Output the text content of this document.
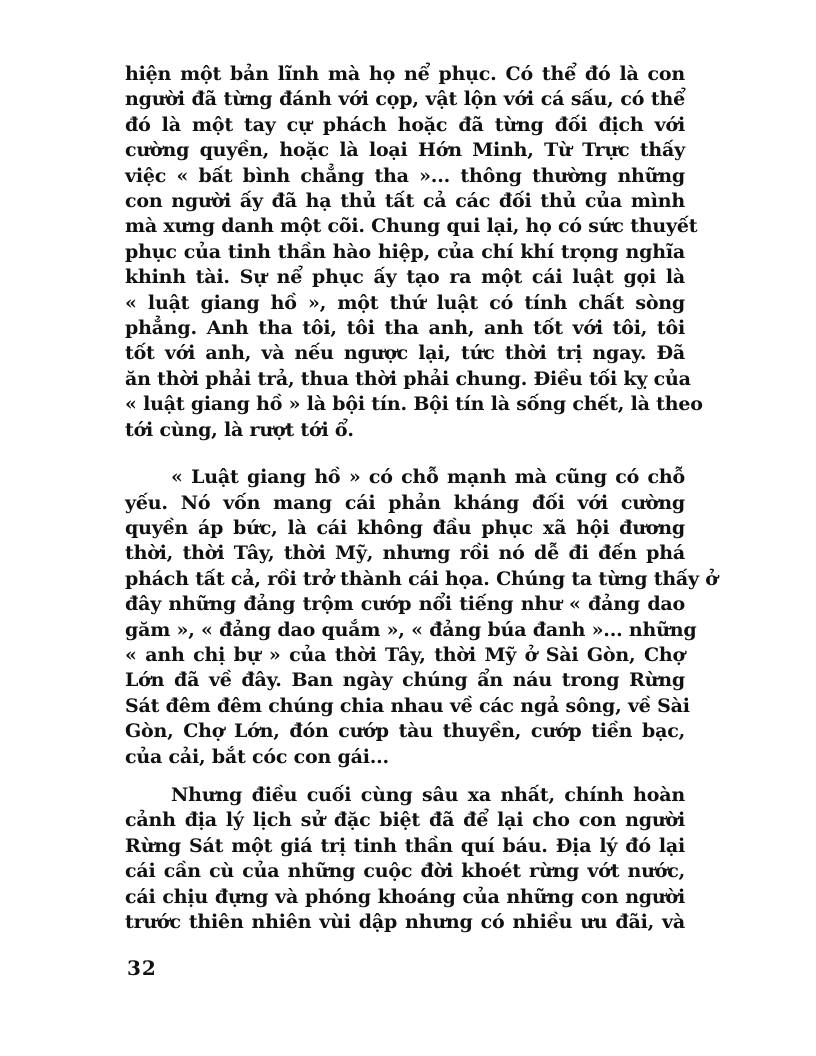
hiện một bản lĩnh mà họ nể phục. Có thể đó là con
người đã từng đánh với cọp, vật lộn với cá sấu, có thể
đó là một tay cự phách hoặc đã từng đối địch với
cường quyền, hoặc là loại Hớn Minh, Từ Trực thấy
việc « bất bình chẳng tha »... thông thường những
con người ấy đã hạ thủ tất cả các đối thủ của mình
mà xưng danh một cõi. Chung qui lại, họ có sức thuyết
phục của tinh thần hào hiệp, của chí khí trọng nghĩa
khinh tài. Sự nể phục ấy tạo ra một cái luật gọi là
« luật giang hồ », một thứ luật có tính chất sòng
phẳng. Anh tha tôi, tôi tha anh, anh tốt với tôi, tôi
tốt với anh, và nếu ngược lại, tức thời trị ngay. Đã
ăn thời phải trả, thua thời phải chung. Điều tối kỵ của
« luật giang hồ » là bội tín. Bội tín là sống chết, là theo
tới cùng, là rượt tới ổ.
« Luật giang hồ » có chỗ mạnh mà cũng có chỗ
yếu. Nó vốn mang cái phản kháng đối với cường
quyền áp bức, là cái không đầu phục xã hội đương
thời, thời Tây, thời Mỹ, nhưng rồi nó dễ đi đến phá
phách tất cả, rồi trở thành cái họa. Chúng ta từng thấy ở
đây những đảng trộm cướp nổi tiếng như « đảng dao
găm », « đảng dao quắm », « đảng búa đanh »... những
« anh chị bự » của thời Tây, thời Mỹ ở Sài Gòn, Chợ
Lớn đã về đây. Ban ngày chúng ẩn náu trong Rừng
Sát đêm đêm chúng chia nhau về các ngả sông, về Sài
Gòn, Chợ Lớn, đón cướp tàu thuyền, cướp tiền bạc,
của cải, bắt cóc con gái...
Nhưng điều cuối cùng sâu xa nhất, chính hoàn
cảnh địa lý lịch sử đặc biệt đã để lại cho con người
Rừng Sát một giá trị tinh thần quí báu. Địa lý đó lại
cái cần cù của những cuộc đời khoét rừng vớt nước,
cái chịu đựng và phóng khoáng của những con người
trước thiên nhiên vùi dập nhưng có nhiều ưu đãi, và
32
